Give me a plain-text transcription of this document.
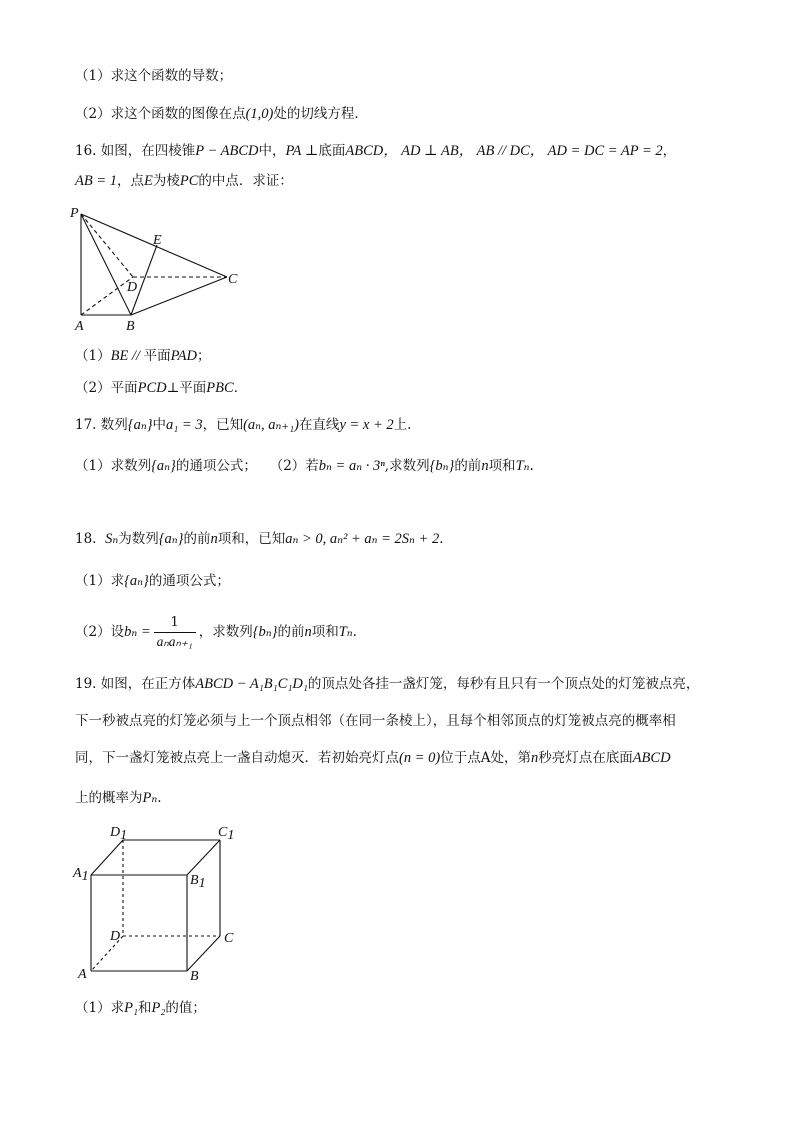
（1）求这个函数的导数；
（2）求这个函数的图像在点(1,0)处的切线方程.
16. 如图，在四棱锥P − ABCD中，PA ⊥底面ABCD， AD ⊥ AB， AB // DC， AD = DC = AP = 2，
AB = 1，点E为棱PC的中点．求证：
P
E
D
C
A	B
（1）BE // 平面PAD；
（2）平面PCD⊥平面PBC．
17. 数列{aₙ}中a₁ = 3，已知(aₙ, aₙ₊₁)在直线y = x + 2上.
（1）求数列{aₙ}的通项公式； （2）若bₙ = aₙ · 3ⁿ,求数列{bₙ}的前n项和Tₙ.
18. Sₙ为数列{aₙ}的前n项和，已知aₙ > 0, aₙ² + aₙ = 2Sₙ + 2.
（1）求{aₙ}的通项公式；
（2）设$b_n = \frac{1}{\text{aₙaₙ₊₁}}$ ，求数列{bₙ}的前n项和Tₙ.
19. 如图，在正方体ABCD − A₁B₁C₁D₁的顶点处各挂一盏灯笼，每秒有且只有一个顶点处的灯笼被点亮，
下一秒被点亮的灯笼必须与上一个顶点相邻（在同一条棱上），且每个相邻顶点的灯笼被点亮的概率相
同，下一盏灯笼被点亮上一盏自动熄灭．若初始亮灯点(n = 0)位于点A处，第n秒亮灯点在底面ABCD
上的概率为Pₙ.
D1	C1
A1	B1
D	C
A	B
（1）求P₁和P₂的值；
